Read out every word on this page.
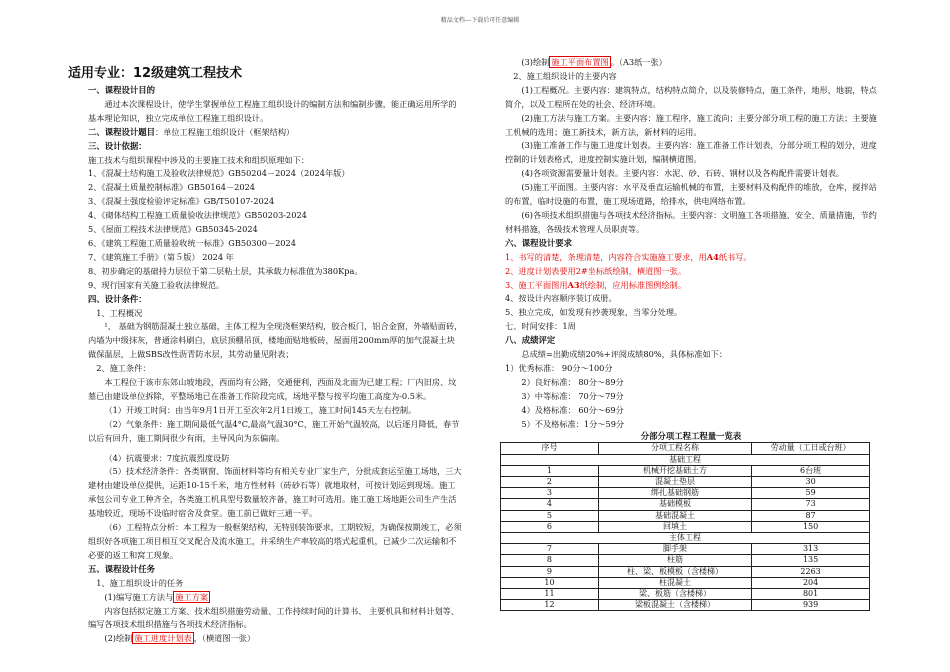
精品文档---下载后可任意编辑

适用专业：12级建筑工程技术

一、课程设计目的

通过本次课程设计，使学生掌握单位工程施工组织设计的编制方法和编制步骤，能正确运用所学的基本理论知识，独立完成单位工程施工组织设计。

二、课程设计题目：单位工程施工组织设计（框架结构）

三、设计依据：

施工技术与组织课程中涉及的主要施工技术和组织原理如下：

1、《混凝土结构施工及验收法律规范》GB50204－2024（2024年版）

2、《混凝土质量控制标准》GB50164－2024

3、《混凝土强度检验评定标准》GB/T50107-2024

4、《砌体结构工程施工质量验收法律规范》GB50203-2024

5、《屋面工程技术法律规范》GB50345-2024

6、《建筑工程施工质量验收统一标准》GB50300－2024

7、《建筑施工手册》（第５版） 2024 年

8、初步确定的基础持力层位于第二层粘土层，其承载力标准值为380Kpa。

9、现行国家有关施工验收法律规范。

四、设计条件：

1、工程概况

¹、 基础为钢筋混凝土独立基础，主体工程为全现浇框架结构，胶合板门，铝合金窗，外墙贴面砖，内墙为中级抹灰，普通涂料刷白，底层顶棚吊顶，楼地面贴地板砖，屋面用200mm厚的加气混凝土块做保温层，上做SBS改性沥青防水层，其劳动量见附表；

2、施工条件：

本工程位于该市东郊山坡地段，西面均有公路，交通便利，西面及北面为已建工程；厂内旧房、坟墓已由建设单位拆除，平整场地已在准备工作阶段完成，场地平整与按平均施工高度为-0.5米。

（1）开竣工时间：由当年9月1日开工至次年2月1日竣工，施工时间145天左右控制。

（2）气象条件：施工期间最低气温4°C,最高气温30°C，施工开始气温较高，以后逐月降低，春节以后有回升，施工期间很少有雨，主导风向为东偏南。

（4）抗震要求：7度抗震烈度设防

（5）技术经济条件：各类钢窗、饰面材料等均有相关专业厂家生产，分批成套运至施工场地，三大建材由建设单位提供，运距10-15千米，地方性材料（砖砂石等）就地取材，可按计划运到现场。施工承包公司专业工种齐全，各类施工机具型号数量较齐备，施工时可选用。施工施工场地距公司生产生活基地较近，现场不设临时宿舍及食堂。施工前已做好三通一平。

（6）工程特点分析：本工程为一般框架结构，无特别装饰要求，工期较短，为确保按期竣工，必须组织好各项施工项目相互交叉配合及流水施工，并采纳生产率较高的塔式起重机，已减少二次运输和不必要的返工和窝工现象。

五、课程设计任务

1、施工组织设计的任务

(1)编写施工方法与 施工方案

内容包括拟定施工方案、技术组织措施劳动量、工作持续时间的计算书、 主要机具和材料计划等、编写各项技术组织措施与各项技术经济指标。

(2)绘制 施工进度计划表 ，（横道图一张）

(3)绘制 施工平面布置图 。（A3纸一张）

2、施工组织设计的主要内容

(1)工程概况。主要内容：建筑特点，结构特点简介，以及装修特点，施工条件，地形，地貌，特点简介，以及工程所在处的社会、经济环境。

(2)施工方法与施工方案。主要内容：施工程序，施工流向；主要分部分项工程的施工方法；主要施工机械的选用；施工新技术，新方法，新材料的运用。

(3)施工准备工作与施工进度计划表。主要内容：施工准备工作计划表，分部分项工程的划分，进度控制的计划表格式，进度控制实施计划，编制横道图。

(4)各项资源需要量计划表。主要内容：水泥、砂、石砖、钢材以及各构配件需要计划表。

(5)施工平面图。主要内容：水平及垂直运输机械的布置，主要材料及构配件的堆放，仓库，搅拌站的布置，临时设施的布置，施工现场道路，给排水，供电网络布置。

(6)各项技术组织措施与各项技术经济指标。主要内容：文明施工各项措施、安全、质量措施，节约材料措施，各级技术管理人员职责等。

六、课程设计要求

1、书写的清楚，条理清楚，内容符合实施施工要求，用A4纸书写。

2、进度计划表要用2#坐标纸绘制，横道图一张。

3、施工平面图用A3纸绘制，应用标准图例绘制。

4、按设计内容顺序装订成册。

5、独立完成，如发现有抄袭现象，当零分处理。

七、时间安排：1周

八、成绩评定

总成绩=出勤成绩20%+评阅成绩80%，具体标准如下：

1）优秀标准： 90分～100分

2）良好标准： 80分～89分

3）中等标准： 70分～79分

4）及格标准： 60分～69分

5）不及格标准：1分～59分

分部分项工程工程量一览表

序号	分项工程名称	劳动量（工日或台班）
基础工程		
1	机械开挖基础土方	6台班
2	混凝土垫层	30
3	绑扎基础钢筋	59
4	基础模板	73
5	基础混凝土	87
6	回填土	150
主体工程		
7	脚手架	313
8	柱筋	135
9	柱、梁、板模板（含楼梯）	2263
10	柱混凝土	204
11	梁、板筋（含楼梯）	801
12	梁板混凝土（含楼梯）	939
